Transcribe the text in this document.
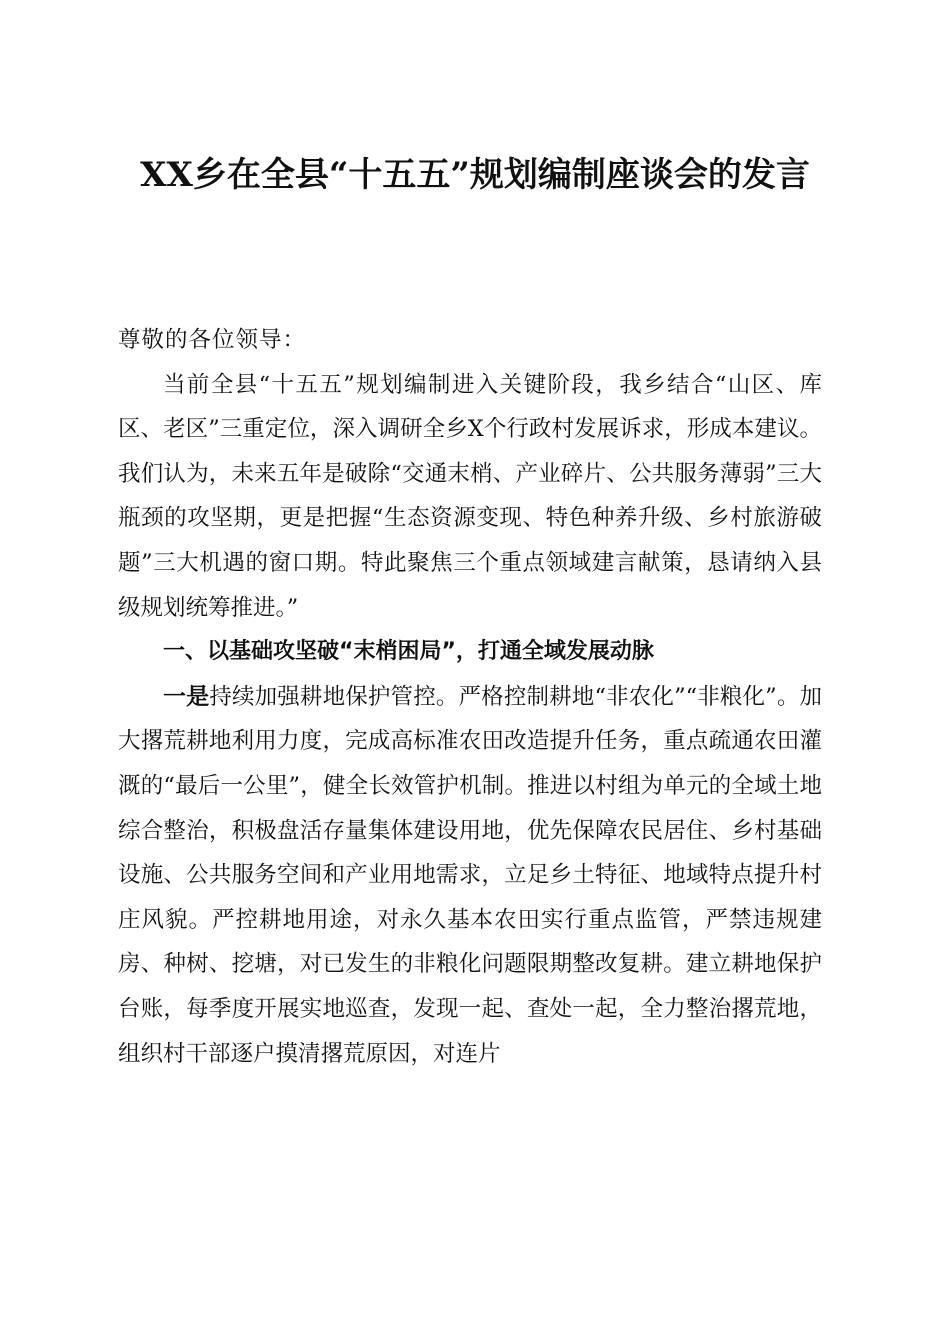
XX乡在全县“十五五”规划编制座谈会的发言

尊敬的各位领导：

当前全县“十五五”规划编制进入关键阶段，我乡结合“山区、库区、老区”三重定位，深入调研全乡X个行政村发展诉求，形成本建议。我们认为，未来五年是破除“交通末梢、产业碎片、公共服务薄弱”三大瓶颈的攻坚期，更是把握“生态资源变现、特色种养升级、乡村旅游破题”三大机遇的窗口期。特此聚焦三个重点领域建言献策，恳请纳入县级规划统筹推进。”

一、以基础攻坚破“末梢困局”，打通全域发展动脉

一是持续加强耕地保护管控。严格控制耕地“非农化”“非粮化”。加大撂荒耕地利用力度，完成高标准农田改造提升任务，重点疏通农田灌溉的“最后一公里”，健全长效管护机制。推进以村组为单元的全域土地综合整治，积极盘活存量集体建设用地，优先保障农民居住、乡村基础设施、公共服务空间和产业用地需求，立足乡土特征、地域特点提升村庄风貌。严控耕地用途，对永久基本农田实行重点监管，严禁违规建房、种树、挖塘，对已发生的非粮化问题限期整改复耕。建立耕地保护台账，每季度开展实地巡查，发现一起、查处一起，全力整治撂荒地，组织村干部逐户摸清撂荒原因，对连片
